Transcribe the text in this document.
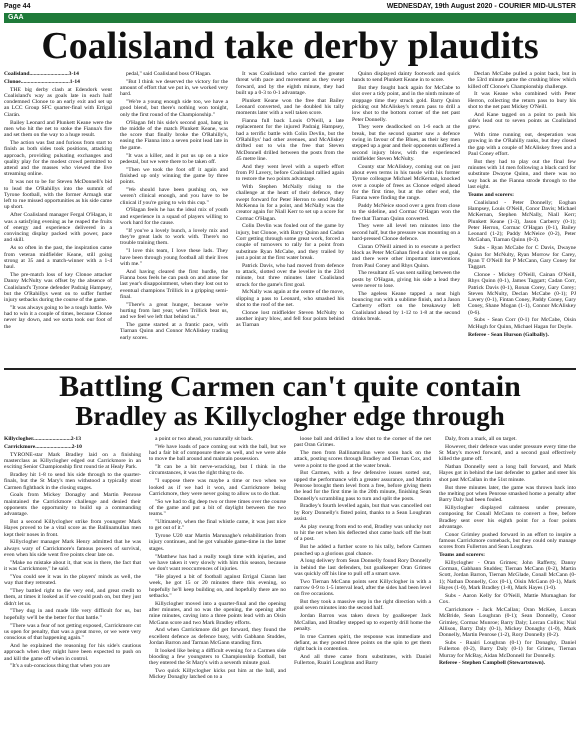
Page 44	WEDNESDAY, 19th August 2020 - COURIER MID-ULSTER
GAA
Coalisland take derby plaudits

Coalisland............................3-14

Clonoe...................................1-14

THE big derby clash at Edendork went Coalisland's way as goals late in each half condemned Clonoe to an early exit and set up an LCC Group SFC quarter-final with Errigal Ciarán.

Bailey Leonard and Plunkett Keane were the men who hit the net to stoke the Fianna's fire and set them on the way to a huge result.

The action was fast and furious from start to finish as both sides took positions, attacking approach, providing pulsating exchanges and quality play for the modest crowd permitted to attend and the masses who viewed the live streaming online.

It was not to be for Steven McDonnell's bid to lead the O'Rahillys into the summit of Tyrone football, with the former Armagh star left to rue missed opportunities as his side came up short.

After Coalisland manager Fergal O'Hagan, it was a satisfying evening as he reaped the fruits of energy and experience delivered in a convincing display packed with power, pace and skill.

As so often in the past, the inspiration came from veteran midfielder Keane, still going strong at 35 and a match-winner with a 1-4 haul.

The pre-match loss of key Clonoe attacker Danny McNulty was offset by the absence of Coalisland's Tyrone defender Padraig Hampsey, but the O'Rahillys went on to suffer further injury setbacks during the course of the game.

"It was always going to be a tough battle. We had to win it a couple of times, because Clonoe never lay down, and we sorta took our foot of the

pedal," said Coalisland boss O'Hagan.

"But I think we deserved the victory for the amount of effort that we put in, we worked very hard.

"We're a young enough side too, we have a good blend, but there's nothing won tonight, only the first round of the Championship."

O'Hagan felt his side's second goal, bang in the middle of the match Plunkett Keane, was the score that finally broke the O'Rahilly's, easing the Fianna into a seven point lead late in the game.

"It was a killer, and it put us up on a nice pedestal, but we were there to be taken off.

"Then we took the foot off it again and finished up only winning the game by three points.

"We should have been pushing on, we weren't clinical enough, and you have to be clinical if you're going to win this cup."

O'Hagan feels he has the ideal mix of youth and experience in a squad of players willing to work hard for the cause.

"If you've a lovely bunch, a lovely mix and they're great lads to work with. There's no trouble training them.

"I love this team, I love these lads. They have been through young football all their lives with me."

And having cleared the first hurdle, the Fianna boss feels he can push on and atone for last year's disappointment, when they lost out to eventual champions Trillick in a gripping semi-final.

"There's a great hunger, because we're hurting from last year, when Trillick beat us, and we feel we left that behind us."

The game started at a frantic pace, with Tiarnan Quinn and Connor McAliskey trading early scores.

It was Coalisland who carried the greater threat with pace and movement as they swept forward, and by the eighth minute, they had built up a 0-3 to 0-1 advantage.

Plunkett Keane won the free that Bailey Leonard converted, and he doubled his tally moments later with a well taken score.

Fianna full back Louis O'Neill, a late replacement for the injured Padraig Hampsey, had a terrific battle with Colin Devlin, but the O'Rahillys' had other avenues, and McAliskey drifted out to win the free that Steven McDonnell drilled between the posts from the 45 metre line.

And they went level with a superb effort from PJ Lavery, before Coalisland rallied again to restore the two points advantage.

With Stephen McNally rising to the challenge at the heart of their defence, they swept forward for Peter Herron to send Paddy McKenna in for a point, and McNally was the creator again for Niall Kerr to set up a score for Cormac O'Hagan.

Colin Devlin was fouled out of the game by injury, but Clonoe, with Barry Quinn and Cadan Corr getting through some great work, forced a couple of turnovers to rally for a point from substitute Ryan McCabe, and they trailed by just a point at the first water break.

Patrick Davis, who had moved from defence to attack, slotted over the leveller in the 23rd minute, but three minutes later Coalisland struck for the game's first goal.

McNally was again at the centre of the move, slipping a pass to Leonard, who smashed his shot to the roof of the net.

Clonoe lost midfielder Steven McNulty to another injury blow, and fell four points behind as Tiarnan

Quinn displayed dainty footwork and quick hands to send Plunkett Keane in to score.

But they fought back again for McCabe to slot over a tidy point, and in the ninth minute of stoppage time they struck gold. Barry Quinn picking out McAliskey's return pass to drill a low shot to the bottom corner of the net past Peter Donnelly.

They were deadlocked on 1-6 each at the break, but the second quarter saw a defence swing in favour of the Blues, as their key men stepped up a gear and their opponents suffered a second injury blow, with the experienced midfielder Steven McNulty.

County star McAliskey, coming out on just about even terms in his tussle with his former Tyrone colleague Michael McKernan, knocked over a couple of frees as Clonoe edged ahead for the first time, but at the other end, the Fianna were finding the range.

Paddy McNeice stood over a gem from close to the sideline, and Cormac O'Hagan won the free that Tiarnan Quinn converted.

They were all level ten minutes into the second half, but the pressure was mounting on a hard-pressed Clonoe defence.

Ciaran O'Neill aimed in to execute a perfect block as Peter McGahan fired a shot in on goal, and there were other important interventions from Paul Coney and Rhys Quinn.

The resultant 45 was sent sailing between the posts by O'Hagan, giving his side a lead they were never to lose.

The ageless Keane tapped a neat high bouncing run with a sublime finish, and a Jason Carberry effort on the breakaway left Coalisland ahead by 1-12 to 1-8 at the second drinks break.

Declan McCabe pulled a point back, but in the 53rd minute game the crushing blow which killed off Clonoe's Championship challenge.

It was Keane who combined with Peter Herron, collecting the return pass to bury his shot to the net past Mickey O'Neill.

And Kane tagged on a point to push his side's lead out to seven points as Coalisland grew.

With time running out, desperation was growing in the O'Rahilly ranks, but they closed the gap with a couple of McAliskey frees and a Paul Coney effort.

But they had to play out the final few minutes with 14 men following a black card for substitute Dwayne Quinn, and there was no way back as the Fianna strode through to the last eight.

Teams and scorers:

Coalisland - Peter Donnelly; Eoghan Hampsey, Louis O'Neill, Conor Davis; Michael McKernan, Stephen McNally, Niall Kerr; Plunkett Keane (1-3), Jason Carberry (0-1); Peter Herron, Cormac O'Hagan (0-1), Bailey Leonard (1-2); Paddy McNeice (0-2), Peter McGahan, Tiarnan Quinn (0-3).

Subs - Ryan McCabe for C Davis, Dwayne Quinn for McNulty, Ryan Morrow for Carey, Ryan T O'Neill for P McCann, Gary Coney for Taggart.

Clonoe - Mickey O'Neill, Cainan O'Neill, Rhys Quinn (0-1), James Taggart; Cadan Corr, Patrick Davis (0-1), Ronan Corey, Gary Corey; Steven McNulty, Declan McCabe (0-1); PJ Lavery (0-1), Fintan Coney, Paddy Coney, Gary Coney, Shane Mogan (1-1), Connor McAliskey (0-6).

Subs - Sean Corr (0-1) for McCabe, Oisin McHugh for Quinn, Michael Hagan for Doyle.

Referee - Sean Hurson (Galbally).

Battling Carmen can't quite contain
Bradley as Killyclogher edge through

Killyclogher...........................2-13

Carrickmore..........................2-10

TYRONE-star Mark Bradley laid on a finishing masterclass as Killyclogher edged out Carrickmore in an exciting Senior Championship first round tie at Healy Park.

Bradley hit 1-8 to send his side through to the quarter-finals, but the St Mary's men withstood a typically stout Carmen fightback in the closing stages.

Goals from Mickey Donaghy and Martin Penrose maintained the Carrickmore challenge and denied their opponents the opportunity to build up a commanding advantage.

But a second Killyclogher strike from youngster Mark Hayes proved to be a vital score as the Ballinamullan men kept their noses in front.

Killyclogher manager Mark Henry admitted that he was always wary of Carrickmore's famous powers of survival, even when his side went five points clear late on.

"Make no mistake about it, that was in there, the fact that it was Carrickmore," he said.

"You could see it was in the players' minds as well, the way that they retreated.

"They battled right to the very end, and great credit to them, at times it looked as if we could push on, but they just didn't let us.

"They dug in and made life very difficult for us, but hopefully we'll be the better for that battle."

"There was a fear of not getting exposed, Carrickmore cut us open for penalty, that was a great move, or we were very conscious of that happening again."

And he explained the reasoning for his side's cautious approach when they might have been expected to push on and kill the game off when in control.

"It's a sub-conscious thing that when you are

a point or two ahead, you naturally sit back.

"We have loads of pace coming out with the ball, but we had a fair bit of composure there as well, and we were able to move the ball around and maintain possession.

"It can be a bit nerve-wracking, but I think in the circumstances, it was the right thing to do.

"I suppose there was maybe a time or two when we looked as if we had it won, and Carrickmore being Carrickmore, they were never going to allow us to do that.

"So we had to dig deep two or three times over the course of the game and put a bit of daylight between the two teams."

"Ultimately, when the final whistle came, it was just nice to get out of it."

Tyrone U20 star Martin Marunaghe's rehabilitation from injury continues, and he got valuable game-time in the latter stages.

"Matthew has had a really tough time with injuries, and we have taken it very slowly with him this season, because we don't want reoccurrences of injuries.

"He played a bit of football against Errigal Ciaran last week, he got 15 or 20 minutes there this evening, so hopefully he'll keep building on, and hopefully there are no setbacks."

Killyclogher moved into a quarter-final and the opening after minutes, and no was the opening, the opening after mine minutes, caving into a three points lead with an Oisin McGann score and two Mark Bradley efforts.

And when Carrickmore did get forward, they found the excellent defence as defence busy, with Gabhann Studdes, Jordan Barron and Tarman McGann standing firm.

It looked like being a difficult evening for a Carmen side blooding a few youngsters to Championship football, but they entered the St Mary's with a seventh minute goal.

Two quick Killyclogher kicks put him at the ball, and Mickey Donaghy latched on to a

loose ball and drilled a low shot to the corner of the net past Oran Grimes.

The men from Ballinamullan were soon back on the attack, posting scores through Bradley and Tiernan Cox, and were a point to the good at the water break.

But Carmen, with a few defensive issues sorted out, upped the performance with a greater assurance, and Martin Penrose brought them level from a free, before giving them the lead for the first time in the 20th minute, finishing Sean Donnelly's scrambling pass to turn and split the posts.

Bradley's fourth levelled again, but that was cancelled out by Rory Donnelly's fisted point, thanks to a Sean Loughran assist.

As play swung from end to end, Bradley was unlucky not to hit the net when his deflected shot came back off the butt of a post.

But he added a further score to his tally, before Carmen punched up a glorious goal chance.

A long delivery from Sean Donnelly found Rory Donnelly in behind the last defenders, but goalkeeper Oran Grimes was quickly off his line to pull off a smart save.

Two Tiernan McCann points sent Killyclogher in with a narrow 0-9 to 1-5 interval lead, after the sides had been level on five occasions.

But they took a massive step in the right direction with a goal seven minutes into the second half.

Jordan Barron was taken down by goalkeeper Jack McCallan, and Bradley stepped up to expertly drill home the penalty.

In true Carmen spirit, the response was immediate and defiant, as they posted three points on the spin to get them right back in contention.

And all three came from substitutes, with Daniel Fullerton, Ruairi Loughran and Barry

Daly, from a mark, all on target.

However, their defence was under pressure every time the St Mary's moved forward, and a second goal effectively killed the game off.

Nathan Donnelly sent a long ball forward, and Mark Hayes got in behind the last defender to gather and steer his shot past McCallan in the 51st minute.

But three minutes later, the game was thrown back into the melting pot when Penrose smashed home a penalty after Barry Daly had been fouled.

Killyclogher displayed calmness under pressure, composing for Conall McCann to convert a free, before Bradley sent over his eighth point for a four points advantage.

Conor Grimley pushed forward in an effort to inspire a famous Carrickmore comeback, but they could only manage scores from Fullerton and Sean Loughran.

Teams and scorers:

Killyclogher - Oran Grimes; John Rafferty, Danny Gorman, Gabhann Studdes; Tiernan McCann (0-2), Martin Scott, Jordan Barron, Tiernan McGlade, Conall McCann (0-1); Nathan Donnelly, Cox (0-1), Oisin McGann (0-1), Mark Hayes (1-0), Mark Bradley (1-8), Mark Hayes (1-0).

Subs - Aaron Kelly for O'Neill, Mattie Murnaghan for Cox.

Carrickmore - Jack McCallan; Oran McKee, Lorcan McBride, Sean Loughran (0-1); Sean Donnelly, Conor Grimley, Cormac Munroe; Barry Daly; Lorcan Collins; Nial Allison, Barry Daly (0-1), Mickey Donaghy (1-0), Mark Donnelly, Martin Penrose (1-2), Rory Donnelly (0-2).

Subs - Ruairi Loughran (0-1) for Donaghy, Daniel Fullerton (0-2), Barry Daly (0-1) for Grimes, Tiernan Murray for McBay, Aidan McDonnell for Donnelly.

Referee - Stephen Campbell (Stewartstown).
